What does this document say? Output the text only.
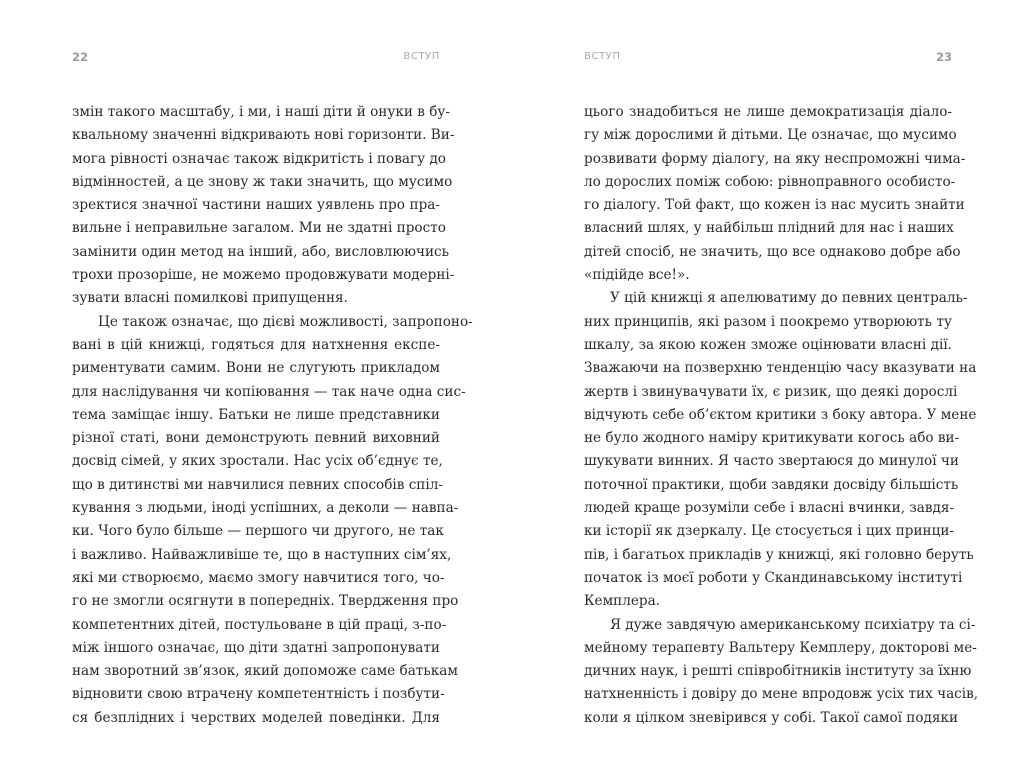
22	ВСТУП
змін такого масштабу, і ми, і наші діти й онуки в бу-
квальному значенні відкривають нові горизонти. Ви-
мога рівності означає також відкритість і повагу до
відмінностей, а це знову ж таки значить, що мусимо
зректися значної частини наших уявлень про пра-
вильне і неправильне загалом. Ми не здатні просто
замінити один метод на інший, або, висловлюючись
трохи прозоріше, не можемо продовжувати модерні-
зувати власні помилкові припущення.
Це також означає, що дієві можливості, запропоно-
вані в цій книжці, годяться для натхнення експе-
риментувати самим. Вони не слугують прикладом
для наслідування чи копіювання — так наче одна сис-
тема заміщає іншу. Батьки не лише представники
різної статі, вони демонструють певний виховний
досвід сімей, у яких зростали. Нас усіх об’єднує те,
що в дитинстві ми навчилися певних способів спіл-
кування з людьми, іноді успішних, а деколи — навпа-
ки. Чого було більше — першого чи другого, не так
і важливо. Найважливіше те, що в наступних сім’ях,
які ми створюємо, маємо змогу навчитися того, чо-
го не змогли осягнути в попередніх. Твердження про
компетентних дітей, постульоване в цій праці, з-по-
між іншого означає, що діти здатні запропонувати
нам зворотний зв’язок, який допоможе саме батькам
відновити свою втрачену компетентність і позбути-
ся безплідних і черствих моделей поведінки. Для
ВСТУП	23
цього знадобиться не лише демократизація діало-
гу між дорослими й дітьми. Це означає, що мусимо
розвивати форму діалогу, на яку неспроможні чима-
ло дорослих поміж собою: рівноправного особисто-
го діалогу. Той факт, що кожен із нас мусить знайти
власний шлях, у найбільш плідний для нас і наших
дітей спосіб, не значить, що все однаково добре або
«підійде все!».
У цій книжці я апелюватиму до певних централь-
них принципів, які разом і поокремо утворюють ту
шкалу, за якою кожен зможе оцінювати власні дії.
Зважаючи на позверхню тенденцію часу вказувати на
жертв і звинувачувати їх, є ризик, що деякі дорослі
відчують себе об’єктом критики з боку автора. У мене
не було жодного наміру критикувати когось або ви-
шукувати винних. Я часто звертаюся до минулої чи
поточної практики, щоби завдяки досвіду більшість
людей краще розуміли себе і власні вчинки, завдя-
ки історії як дзеркалу. Це стосується і цих принци-
пів, і багатьох прикладів у книжці, які головно беруть
початок із моєї роботи у Скандинавському інституті
Кемплера.
Я дуже завдячую американському психіатру та сі-
мейному терапевту Вальтеру Кемплеру, докторові ме-
дичних наук, і решті співробітників інституту за їхню
натхненність і довіру до мене впродовж усіх тих часів,
коли я цілком зневірився у собі. Такої самої подяки
